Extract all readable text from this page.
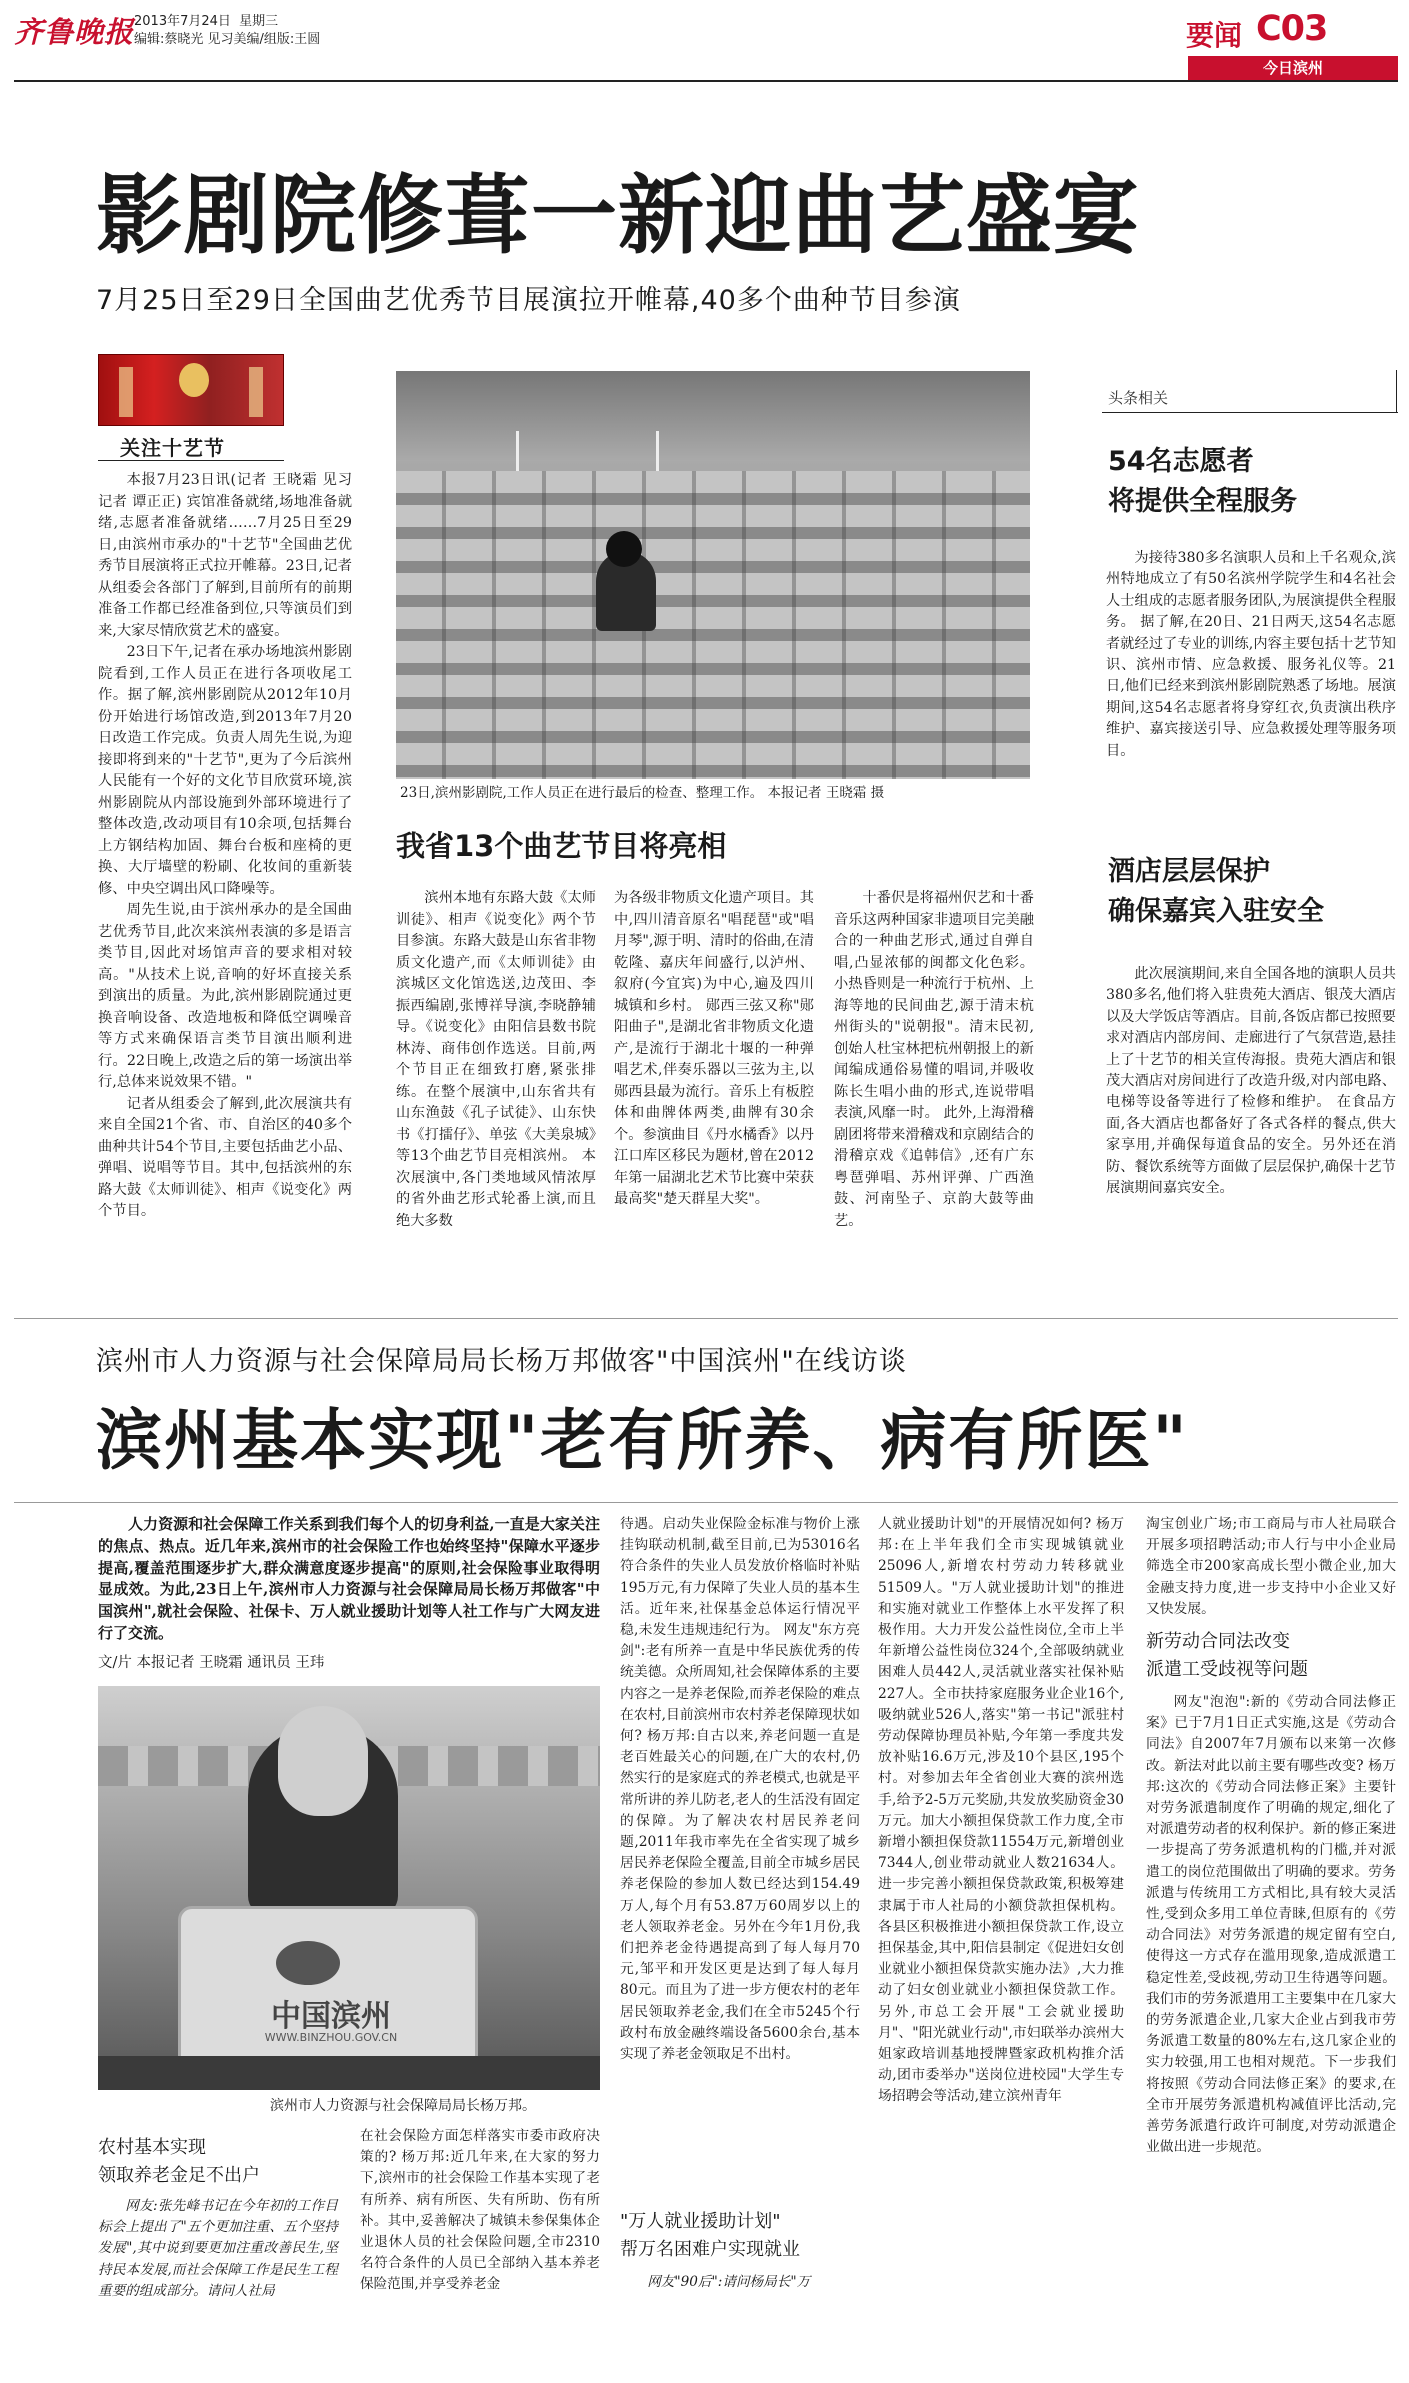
齐鲁晚报 2013年7月24日 星期三
编辑:蔡晓光 见习美编/组版:王圆	要闻 C03
今日滨州
影剧院修葺一新迎曲艺盛宴
7月25日至29日全国曲艺优秀节目展演拉开帷幕,40多个曲种节目参演
关注十艺节

本报7月23日讯(记者 王晓霜 见习记者 谭正正) 宾馆准备就绪,场地准备就绪,志愿者准备就绪……7月25日至29日,由滨州市承办的"十艺节"全国曲艺优秀节目展演将正式拉开帷幕。23日,记者从组委会各部门了解到,目前所有的前期准备工作都已经准备到位,只等演员们到来,大家尽情欣赏艺术的盛宴。

23日下午,记者在承办场地滨州影剧院看到,工作人员正在进行各项收尾工作。据了解,滨州影剧院从2012年10月份开始进行场馆改造,到2013年7月20日改造工作完成。负责人周先生说,为迎接即将到来的"十艺节",更为了今后滨州人民能有一个好的文化节目欣赏环境,滨州影剧院从内部设施到外部环境进行了整体改造,改动项目有10余项,包括舞台上方钢结构加固、舞台台板和座椅的更换、大厅墙壁的粉刷、化妆间的重新装修、中央空调出风口降噪等。

周先生说,由于滨州承办的是全国曲艺优秀节目,此次来滨州表演的多是语言类节目,因此对场馆声音的要求相对较高。"从技术上说,音响的好坏直接关系到演出的质量。为此,滨州影剧院通过更换音响设备、改造地板和降低空调噪音等方式来确保语言类节目演出顺利进行。22日晚上,改造之后的第一场演出举行,总体来说效果不错。"

记者从组委会了解到,此次展演共有来自全国21个省、市、自治区的40多个曲种共计54个节目,主要包括曲艺小品、弹唱、说唱等节目。其中,包括滨州的东路大鼓《太师训徒》、相声《说变化》两个节目。

23日,滨州影剧院,工作人员正在进行最后的检查、整理工作。 本报记者 王晓霜 摄
我省13个曲艺节目将亮相
滨州本地有东路大鼓《太师训徒》、相声《说变化》两个节目参演。东路大鼓是山东省非物质文化遗产,而《太师训徒》由滨城区文化馆选送,边茂田、李振西编剧,张博祥导演,李晓静辅导。《说变化》由阳信县数书院林涛、商伟创作选送。目前,两个节目正在细致打磨,紧张排练。在整个展演中,山东省共有山东渔鼓《孔子试徒》、山东快书《打擂仔》、单弦《大美泉城》等13个曲艺节目亮相滨州。 本次展演中,各门类地域风情浓厚的省外曲艺形式轮番上演,而且绝大多数
为各级非物质文化遗产项目。其中,四川清音原名"唱琵琶"或"唱月琴",源于明、清时的俗曲,在清乾隆、嘉庆年间盛行,以泸州、叙府(今宜宾)为中心,遍及四川城镇和乡村。 郧西三弦又称"郧阳曲子",是湖北省非物质文化遗产,是流行于湖北十堰的一种弹唱艺术,伴奏乐器以三弦为主,以郧西县最为流行。音乐上有板腔体和曲牌体两类,曲牌有30余个。参演曲目《丹水橘香》以丹江口库区移民为题材,曾在2012年第一届湖北艺术节比赛中荣获最高奖"楚天群星大奖"。
十番伬是将福州伬艺和十番音乐这两种国家非遗项目完美融合的一种曲艺形式,通过自弹自唱,凸显浓郁的闽都文化色彩。小热昏则是一种流行于杭州、上海等地的民间曲艺,源于清末杭州街头的"说朝报"。清末民初,创始人杜宝林把杭州朝报上的新闻编成通俗易懂的唱词,并吸收陈长生唱小曲的形式,连说带唱表演,风靡一时。 此外,上海滑稽剧团将带来滑稽戏和京剧结合的滑稽京戏《追韩信》,还有广东粤琶弹唱、苏州评弹、广西渔鼓、河南坠子、京韵大鼓等曲艺。
头条相关
54名志愿者
将提供全程服务
为接待380多名演职人员和上千名观众,滨州特地成立了有50名滨州学院学生和4名社会人士组成的志愿者服务团队,为展演提供全程服务。 据了解,在20日、21日两天,这54名志愿者就经过了专业的训练,内容主要包括十艺节知识、滨州市情、应急救援、服务礼仪等。21日,他们已经来到滨州影剧院熟悉了场地。展演期间,这54名志愿者将身穿红衣,负责演出秩序维护、嘉宾接送引导、应急救援处理等服务项目。
酒店层层保护
确保嘉宾入驻安全
此次展演期间,来自全国各地的演职人员共380多名,他们将入驻贵苑大酒店、银茂大酒店以及大学饭店等酒店。目前,各饭店都已按照要求对酒店内部房间、走廊进行了气氛营造,悬挂上了十艺节的相关宣传海报。贵苑大酒店和银茂大酒店对房间进行了改造升级,对内部电路、电梯等设备等进行了检修和维护。 在食品方面,各大酒店也都备好了各式各样的餐点,供大家享用,并确保每道食品的安全。另外还在消防、餐饮系统等方面做了层层保护,确保十艺节展演期间嘉宾安全。
滨州市人力资源与社会保障局局长杨万邦做客"中国滨州"在线访谈
滨州基本实现"老有所养、病有所医"
人力资源和社会保障工作关系到我们每个人的切身利益,一直是大家关注的焦点、热点。近几年来,滨州市的社会保险工作也始终坚持"保障水平逐步提高,覆盖范围逐步扩大,群众满意度逐步提高"的原则,社会保险事业取得明显成效。为此,23日上午,滨州市人力资源与社会保障局局长杨万邦做客"中国滨州",就社会保险、社保卡、万人就业援助计划等人社工作与广大网友进行了交流。
文/片 本报记者 王晓霜 通讯员 王玮
中国滨州
WWW.BINZHOU.GOV.CN
滨州市人力资源与社会保障局局长杨万邦。
农村基本实现
领取养老金足不出户
网友:张先峰书记在今年初的工作目标会上提出了"五个更加注重、五个坚持发展",其中说到要更加注重改善民生,坚持民本发展,而社会保障工作是民生工程重要的组成部分。请问人社局
在社会保险方面怎样落实市委市政府决策的? 杨万邦:近几年来,在大家的努力下,滨州市的社会保险工作基本实现了老有所养、病有所医、失有所助、伤有所补。其中,妥善解决了城镇未参保集体企业退休人员的社会保险问题,全市2310名符合条件的人员已全部纳入基本养老保险范围,并享受养老金
待遇。启动失业保险金标准与物价上涨挂钩联动机制,截至目前,已为53016名符合条件的失业人员发放价格临时补贴195万元,有力保障了失业人员的基本生活。近年来,社保基金总体运行情况平稳,未发生违规违纪行为。 网友"东方亮剑":老有所养一直是中华民族优秀的传统美德。众所周知,社会保障体系的主要内容之一是养老保险,而养老保险的难点在农村,目前滨州市农村养老保障现状如何? 杨万邦:自古以来,养老问题一直是老百姓最关心的问题,在广大的农村,仍然实行的是家庭式的养老模式,也就是平常所讲的养儿防老,老人的生活没有固定的保障。为了解决农村居民养老问题,2011年我市率先在全省实现了城乡居民养老保险全覆盖,目前全市城乡居民养老保险的参加人数已经达到154.49万人,每个月有53.87万60周岁以上的老人领取养老金。另外在今年1月份,我们把养老金待遇提高到了每人每月70元,邹平和开发区更是达到了每人每月80元。而且为了进一步方便农村的老年居民领取养老金,我们在全市5245个行政村布放金融终端设备5600余台,基本实现了养老金领取足不出村。
"万人就业援助计划"
帮万名困难户实现就业
网友"90后":请问杨局长"万
人就业援助计划"的开展情况如何? 杨万邦:在上半年我们全市实现城镇就业25096人,新增农村劳动力转移就业51509人。"万人就业援助计划"的推进和实施对就业工作整体上水平发挥了积极作用。大力开发公益性岗位,全市上半年新增公益性岗位324个,全部吸纳就业困难人员442人,灵活就业落实社保补贴227人。全市扶持家庭服务业企业16个,吸纳就业526人,落实"第一书记"派驻村劳动保障协理员补贴,今年第一季度共发放补贴16.6万元,涉及10个县区,195个村。对参加去年全省创业大赛的滨州选手,给予2-5万元奖励,共发放奖励资金30万元。加大小额担保贷款工作力度,全市新增小额担保贷款11554万元,新增创业7344人,创业带动就业人数21634人。进一步完善小额担保贷款政策,积极筹建隶属于市人社局的小额贷款担保机构。各县区积极推进小额担保贷款工作,设立担保基金,其中,阳信县制定《促进妇女创业就业小额担保贷款实施办法》,大力推动了妇女创业就业小额担保贷款工作。 另外,市总工会开展"工会就业援助月"、"阳光就业行动",市妇联举办滨州大姐家政培训基地授牌暨家政机构推介活动,团市委举办"送岗位进校园"大学生专场招聘会等活动,建立滨州青年
淘宝创业广场;市工商局与市人社局联合开展多项招聘活动;市人行与中小企业局筛选全市200家高成长型小微企业,加大金融支持力度,进一步支持中小企业又好又快发展。
新劳动合同法改变
派遣工受歧视等问题
网友"泡泡":新的《劳动合同法修正案》已于7月1日正式实施,这是《劳动合同法》自2007年7月颁布以来第一次修改。新法对此以前主要有哪些改变? 杨万邦:这次的《劳动合同法修正案》主要针对劳务派遣制度作了明确的规定,细化了对派遣劳动者的权利保护。新的修正案进一步提高了劳务派遣机构的门槛,并对派遣工的岗位范围做出了明确的要求。劳务派遣与传统用工方式相比,具有较大灵活性,受到众多用工单位青睐,但原有的《劳动合同法》对劳务派遣的规定留有空白,使得这一方式存在滥用现象,造成派遣工稳定性差,受歧视,劳动卫生待遇等问题。我们市的劳务派遣用工主要集中在几家大的劳务派遣企业,几家大企业占到我市劳务派遣工数量的80%左右,这几家企业的实力较强,用工也相对规范。下一步我们将按照《劳动合同法修正案》的要求,在全市开展劳务派遣机构减值评比活动,完善劳务派遣行政许可制度,对劳动派遣企业做出进一步规范。
